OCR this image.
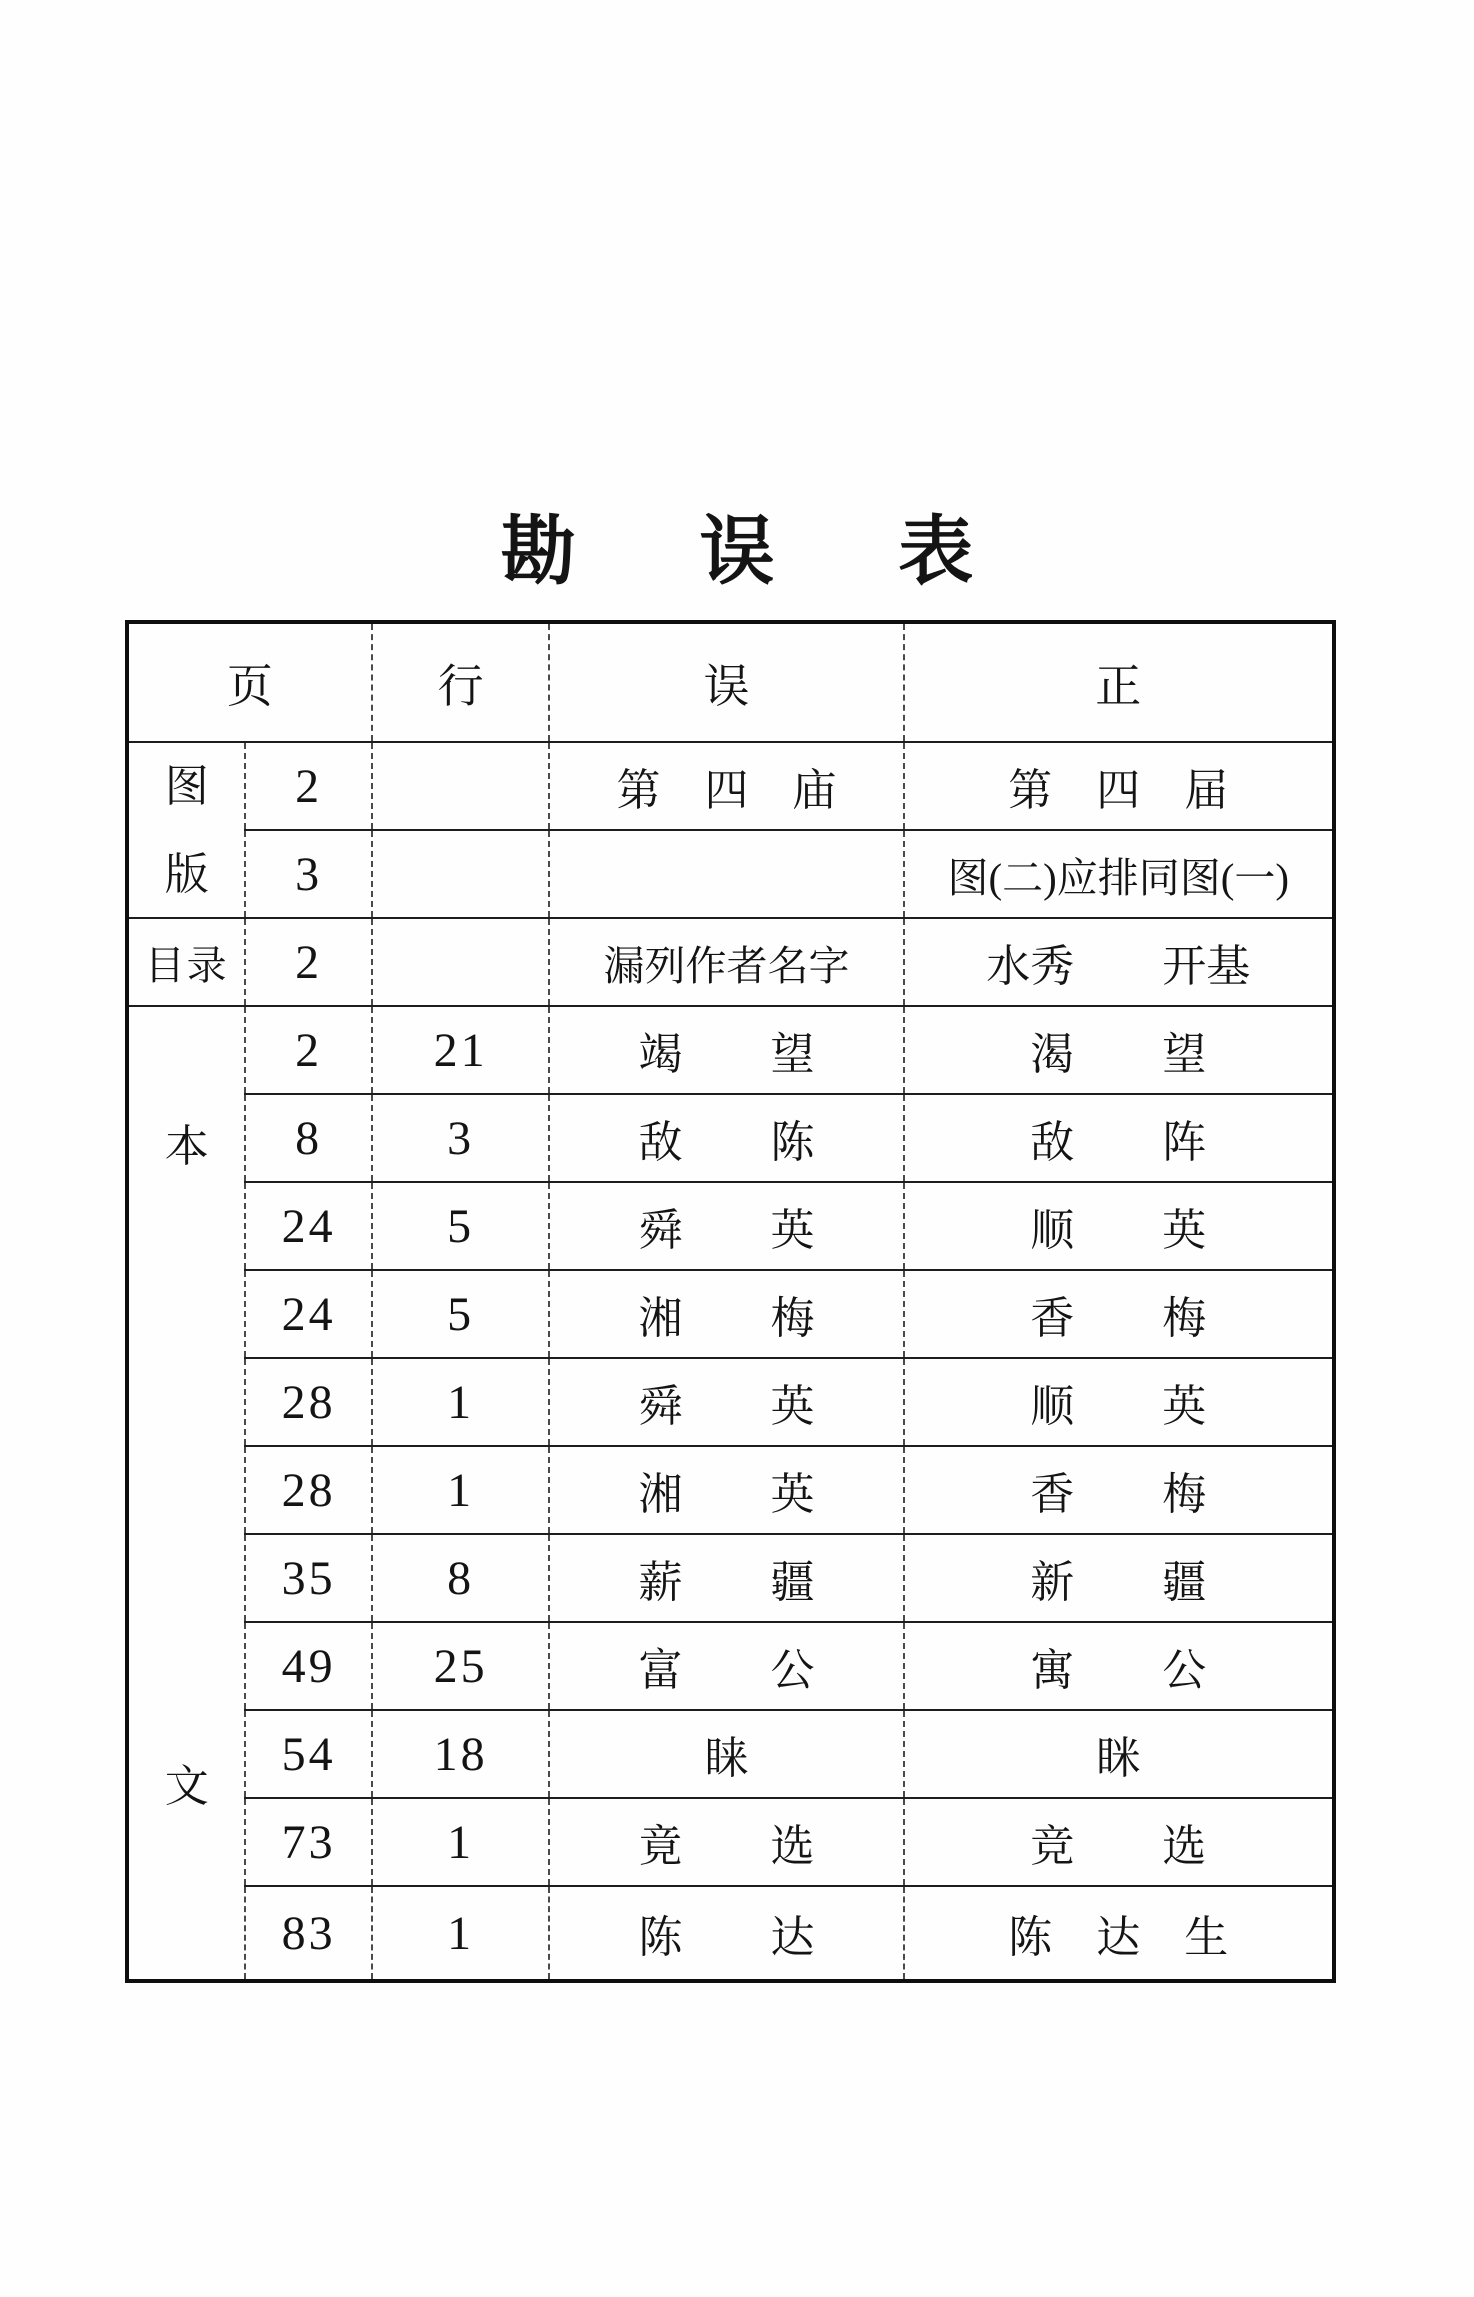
勘误表
页		行	误	正

图
版	2		第　四　庙	第　四　届
	3			图(二)应排同图(一)
目录	2		漏列作者名字	水秀　　开基

本
文	2	21	竭　　望	渴　　望
	8	3	敌　　陈	敌　　阵
	24	5	舜　　英	顺　　英
	24	5	湘　　梅	香　　梅
	28	1	舜　　英	顺　　英
	28	1	湘　　英	香　　梅
	35	8	薪　　疆	新　　疆
	49	25	富　　公	寓　　公
	54	18	睐	眯
	73	1	竟　　选	竞　　选
	83	1	陈　　达	陈　达　生
